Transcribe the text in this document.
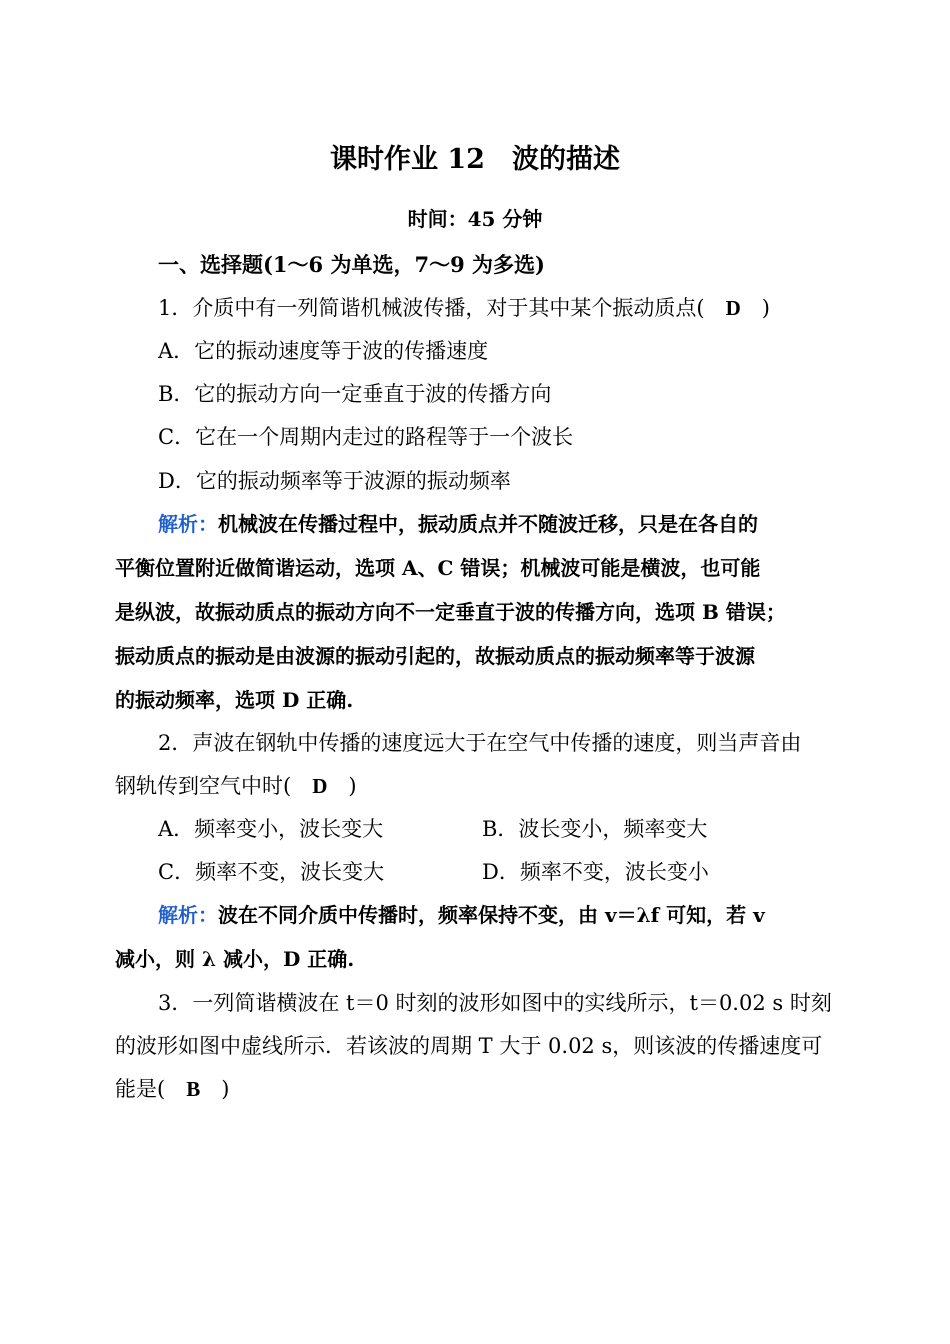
课时作业 12　波的描述
时间：45 分钟
一、选择题(1～6 为单选，7～9 为多选)
1．介质中有一列简谐机械波传播，对于其中某个振动质点(　D　)
A．它的振动速度等于波的传播速度
B．它的振动方向一定垂直于波的传播方向
C．它在一个周期内走过的路程等于一个波长
D．它的振动频率等于波源的振动频率
解析：机械波在传播过程中，振动质点并不随波迁移，只是在各自的
平衡位置附近做简谐运动，选项 A、C 错误；机械波可能是横波，也可能
是纵波，故振动质点的振动方向不一定垂直于波的传播方向，选项 B 错误；
振动质点的振动是由波源的振动引起的，故振动质点的振动频率等于波源
的振动频率，选项 D 正确.
2．声波在钢轨中传播的速度远大于在空气中传播的速度，则当声音由
钢轨传到空气中时(　D　)
A．频率变小，波长变大	B．波长变小，频率变大
C．频率不变，波长变大	D．频率不变，波长变小
解析：波在不同介质中传播时，频率保持不变，由 v＝λf 可知，若 v
减小，则 λ 减小，D 正确.
3．一列简谐横波在 t＝0 时刻的波形如图中的实线所示，t＝0.02 s 时刻
的波形如图中虚线所示．若该波的周期 T 大于 0.02 s，则该波的传播速度可
能是(　B　)
